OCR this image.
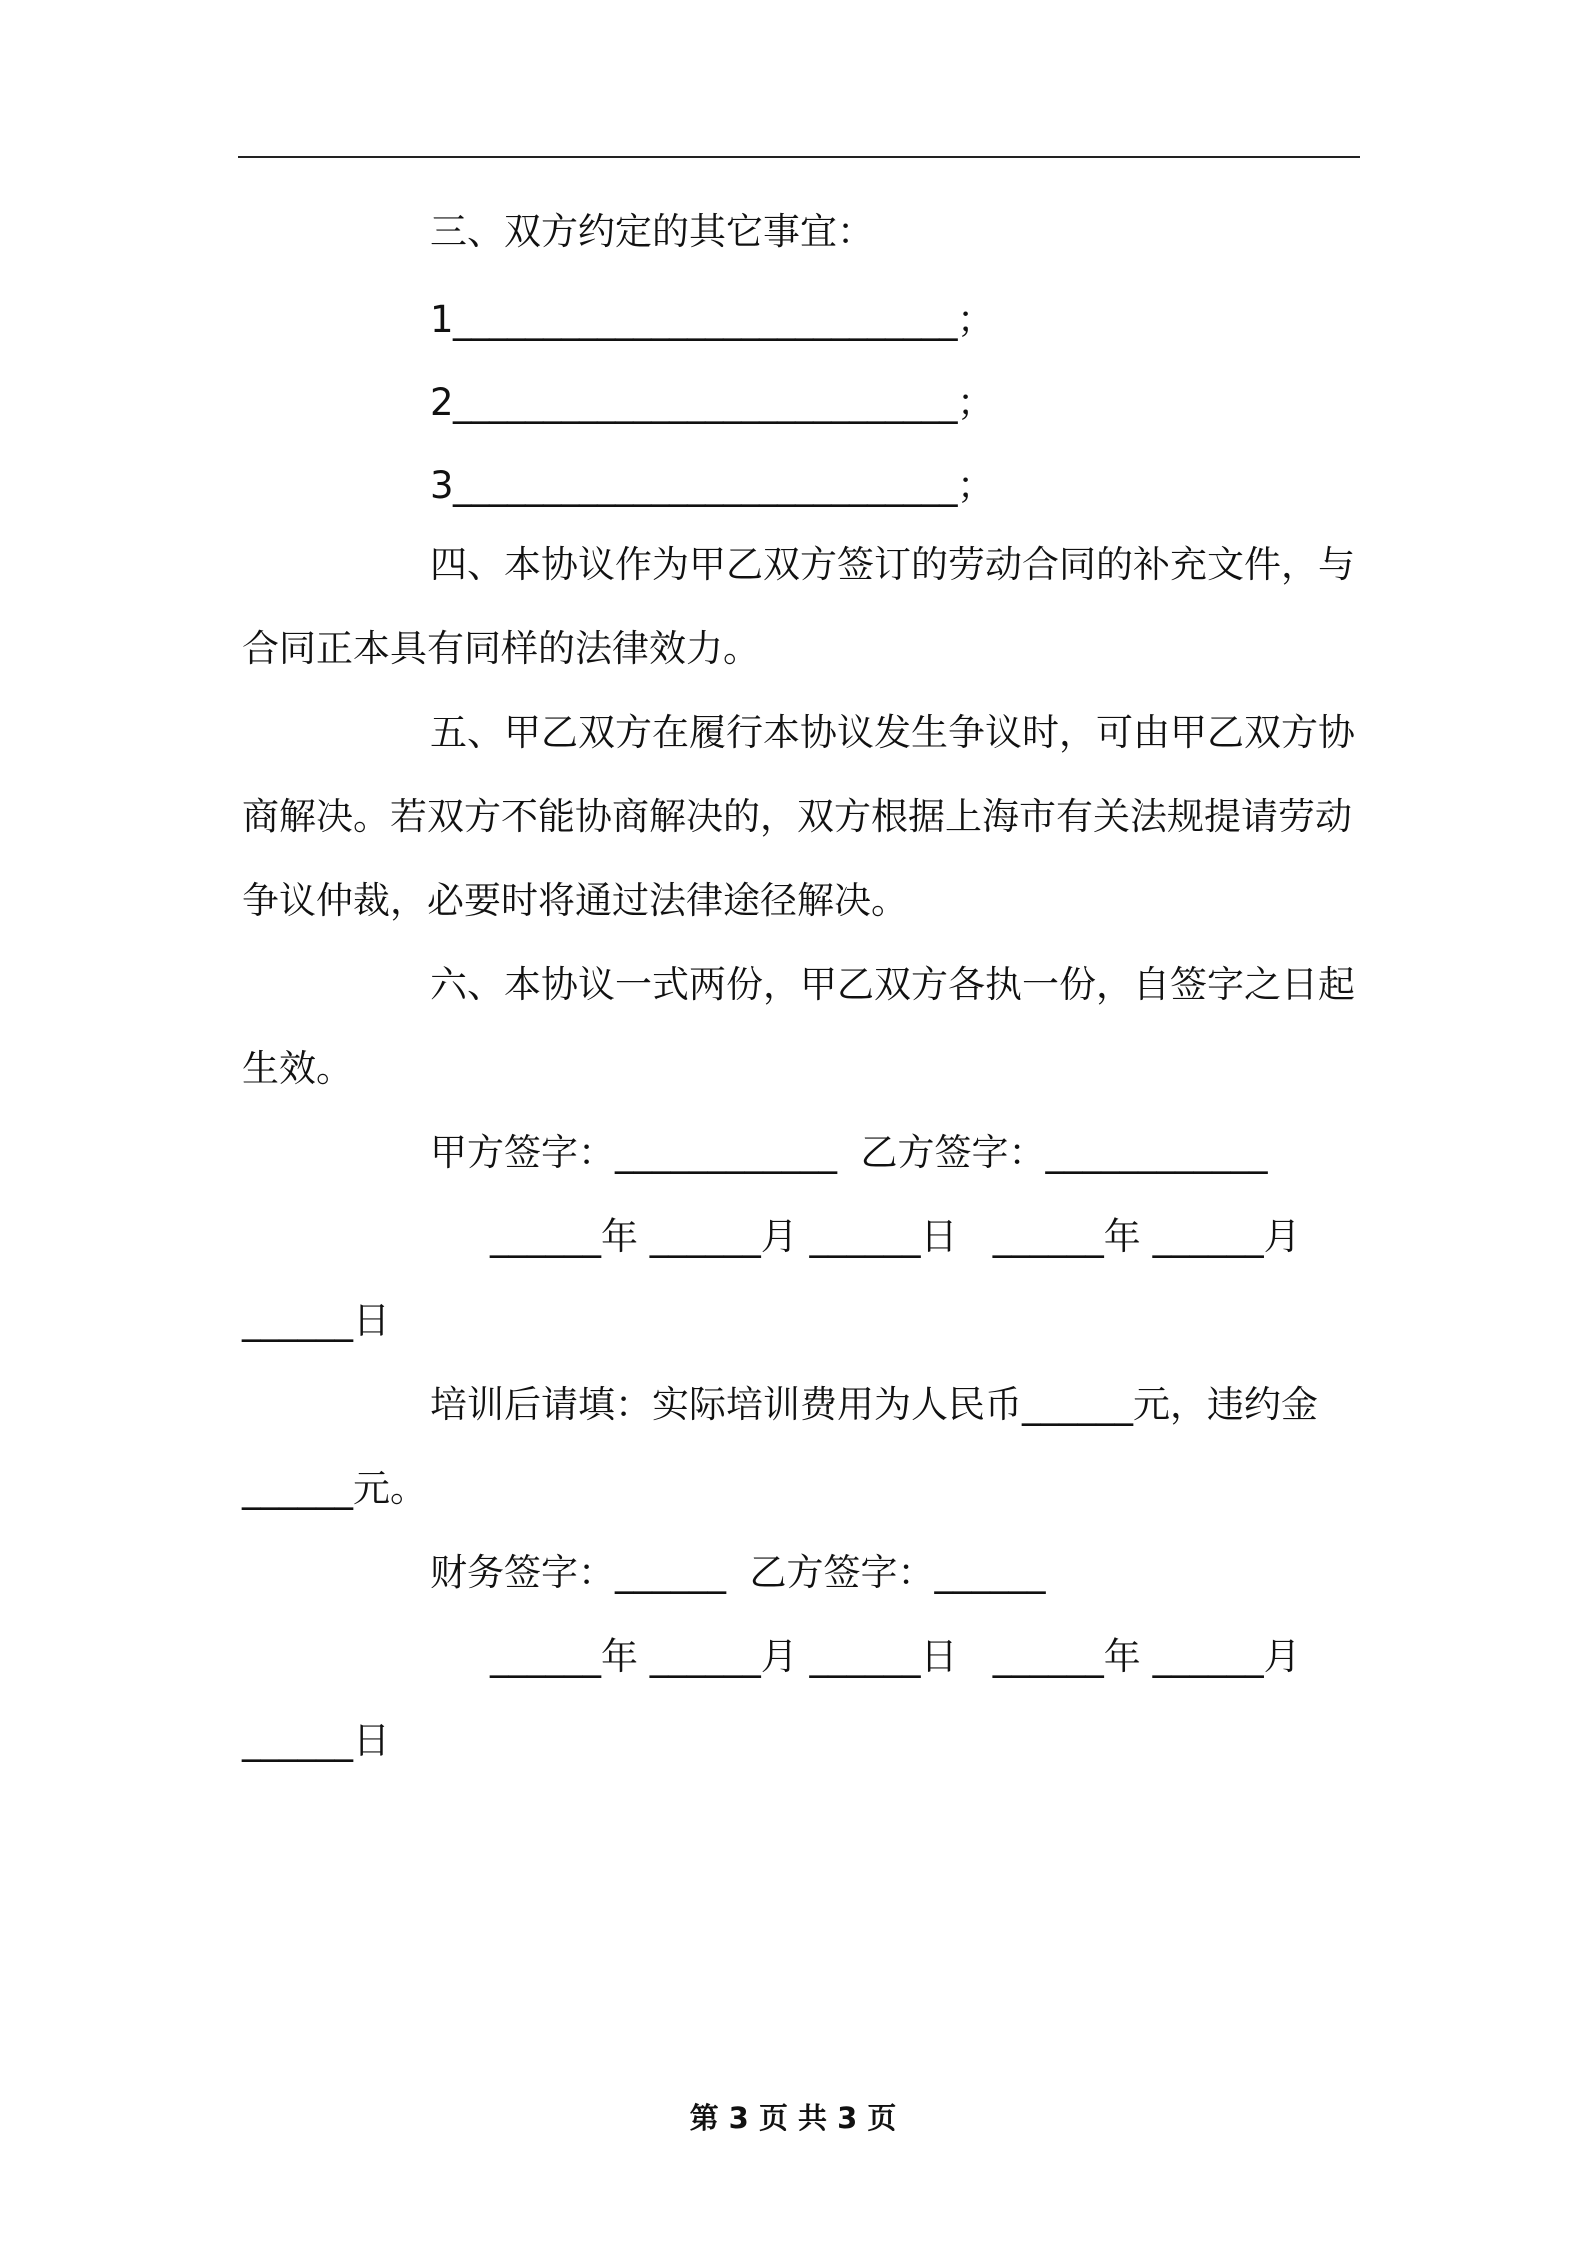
三、双方约定的其它事宜：

1____________________________；

2____________________________；

3____________________________；

四、本协议作为甲乙双方签订的劳动合同的补充文件，与

合同正本具有同样的法律效力。

五、甲乙双方在履行本协议发生争议时，可由甲乙双方协

商解决。若双方不能协商解决的，双方根据上海市有关法规提请劳动

争议仲裁，必要时将通过法律途径解决。

六、本协议一式两份，甲乙双方各执一份，自签字之日起

生效。

甲方签字：____________  乙方签字：____________

______年 ______月 ______日   ______年 ______月

______日

培训后请填：实际培训费用为人民币______元，违约金

______元。

财务签字：______  乙方签字：______

______年 ______月 ______日   ______年 ______月

______日

第 3 页 共 3 页
